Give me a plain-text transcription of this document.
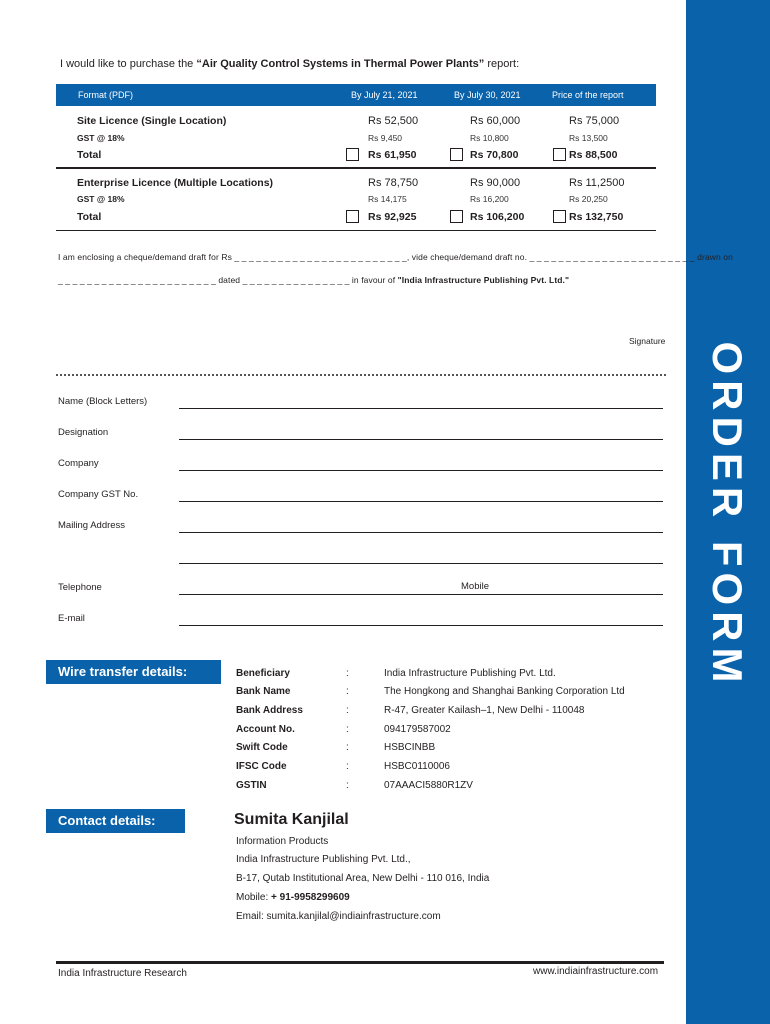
ORDER FORM
I would like to purchase the “Air Quality Control Systems in Thermal Power Plants” report:
Format (PDF)	By July 21, 2021	By July 30, 2021	Price of the report
Site Licence (Single Location)	Rs 52,500	Rs 60,000	Rs 75,000
GST @ 18%	Rs 9,450	Rs 10,800	Rs 13,500
Total	Rs 61,950	Rs 70,800	Rs 88,500
Enterprise Licence (Multiple Locations)	Rs 78,750	Rs 90,000	Rs 11,2500
GST @ 18%	Rs 14,175	Rs 16,200	Rs 20,250
Total	Rs 92,925	Rs 106,200	Rs 132,750
I am enclosing a cheque/demand draft for Rs _ _ _ _ _ _ _ _ _ _ _ _ _ _ _ _ _ _ _ _ _ _ _ _, vide cheque/demand draft no. _ _ _ _ _ _ _ _ _ _ _ _ _ _ _ _ _ _ _ _ _ _ _ drawn on
_ _ _ _ _ _ _ _ _ _ _ _ _ _ _ _ _ _ _ _ _ _ dated _ _ _ _ _ _ _ _ _ _ _ _ _ _ _ in favour of "India Infrastructure Publishing Pvt. Ltd."
Signature
Name (Block Letters)
Designation
Company
Company GST No.
Mailing Address
Telephone	Mobile
E-mail
Wire transfer details:	Beneficiary	:	India Infrastructure Publishing Pvt. Ltd.
Bank Name	:	The Hongkong and Shanghai Banking Corporation Ltd
Bank Address	:	R-47, Greater Kailash–1, New Delhi - 110048
Account No.	:	094179587002
Swift Code	:	HSBCINBB
IFSC Code	:	HSBC0110006
GSTIN	:	07AAACI5880R1ZV
Contact details:	Sumita Kanjilal
Information Products
India Infrastructure Publishing Pvt. Ltd.,
B-17, Qutab Institutional Area, New Delhi - 110 016, India
Mobile: + 91-9958299609
Email: sumita.kanjilal@indiainfrastructure.com
India Infrastructure Research	www.indiainfrastructure.com
